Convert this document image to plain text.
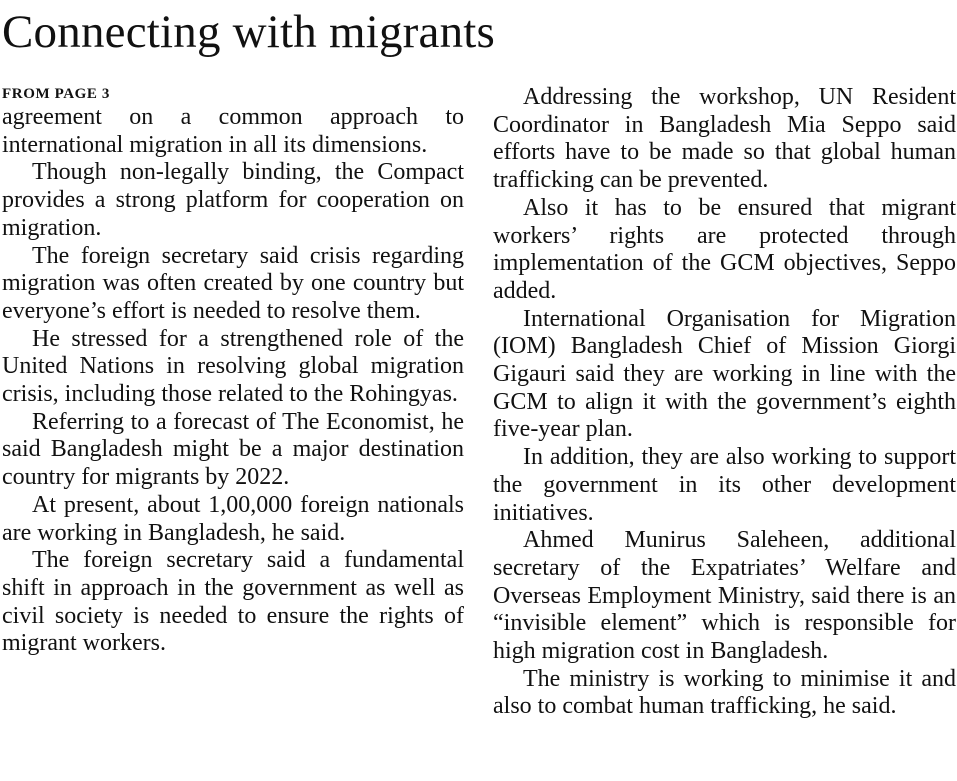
Connecting with migrants
FROM PAGE 3

agreement on a common approach to international migration in all its dimensions.

Though non-legally binding, the Compact provides a strong platform for cooperation on migration.

The foreign secretary said crisis regarding migration was often created by one country but everyone’s effort is needed to resolve them.

He stressed for a strengthened role of the United Nations in resolving global migration crisis, including those related to the Rohingyas.

Referring to a forecast of The Economist, he said Bangladesh might be a major destination country for migrants by 2022.

At present, about 1,00,000 foreign nationals are working in Bangladesh, he said.

The foreign secretary said a fundamental shift in approach in the government as well as civil society is needed to ensure the rights of migrant workers.

Addressing the workshop, UN Resident Coordinator in Bangladesh Mia Seppo said efforts have to be made so that global human trafficking can be prevented.

Also it has to be ensured that migrant workers’ rights are protected through implementation of the GCM objectives, Seppo added.

International Organisation for Migration (IOM) Bangladesh Chief of Mission Giorgi Gigauri said they are working in line with the GCM to align it with the government’s eighth five-year plan.

In addition, they are also working to support the government in its other development initiatives.

Ahmed Munirus Saleheen, additional secretary of the Expatriates’ Welfare and Overseas Employment Ministry, said there is an “invisible element” which is responsible for high migration cost in Bangladesh.

The ministry is working to minimise it and also to combat human trafficking, he said.
